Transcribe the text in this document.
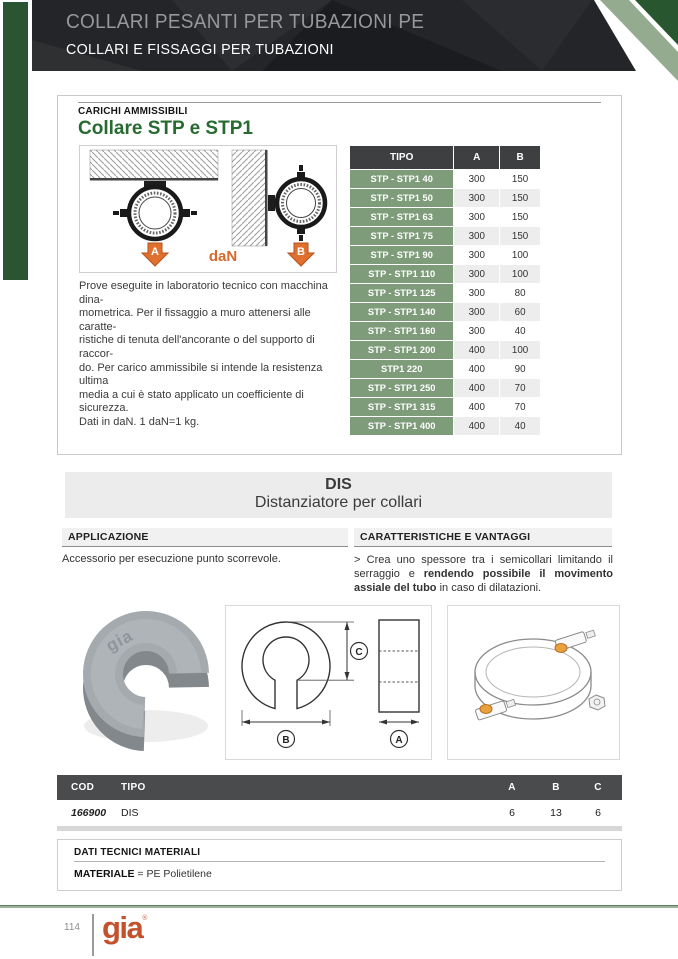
COLLARI PESANTI PER TUBAZIONI PE
COLLARI E FISSAGGI PER TUBAZIONI
CARICHI AMMISSIBILI
Collare STP e STP1
A	daN	B
Prove eseguite in laboratorio tecnico con macchina dina-
mometrica. Per il fissaggio a muro attenersi alle caratte-
ristiche di tenuta dell'ancorante o del supporto di raccor-
do. Per carico ammissibile si intende la resistenza ultima
media a cui è stato applicato un coefficiente di sicurezza.
Dati in daN. 1 daN=1 kg.
TIPO	A	B
STP - STP1 40	300	150
STP - STP1 50	300	150
STP - STP1 63	300	150
STP - STP1 75	300	150
STP - STP1 90	300	100
STP - STP1 110	300	100
STP - STP1 125	300	80
STP - STP1 140	300	60
STP - STP1 160	300	40
STP - STP1 200	400	100
STP1 220	400	90
STP - STP1 250	400	70
STP - STP1 315	400	70
STP - STP1 400	400	40
DIS
Distanziatore per collari
APPLICAZIONE	CARATTERISTICHE E VANTAGGI
Accessorio per esecuzione punto scorrevole.	> Crea uno spessore tra i semicollari limitando il serraggio e rendendo possibile il movimento assiale del tubo in caso di dilatazioni.
gia
B
C
A
COD	TIPO	A	B	C
166900	DIS	6	13	6
DATI TECNICI MATERIALI
MATERIALE = PE Polietilene
114 gia®
